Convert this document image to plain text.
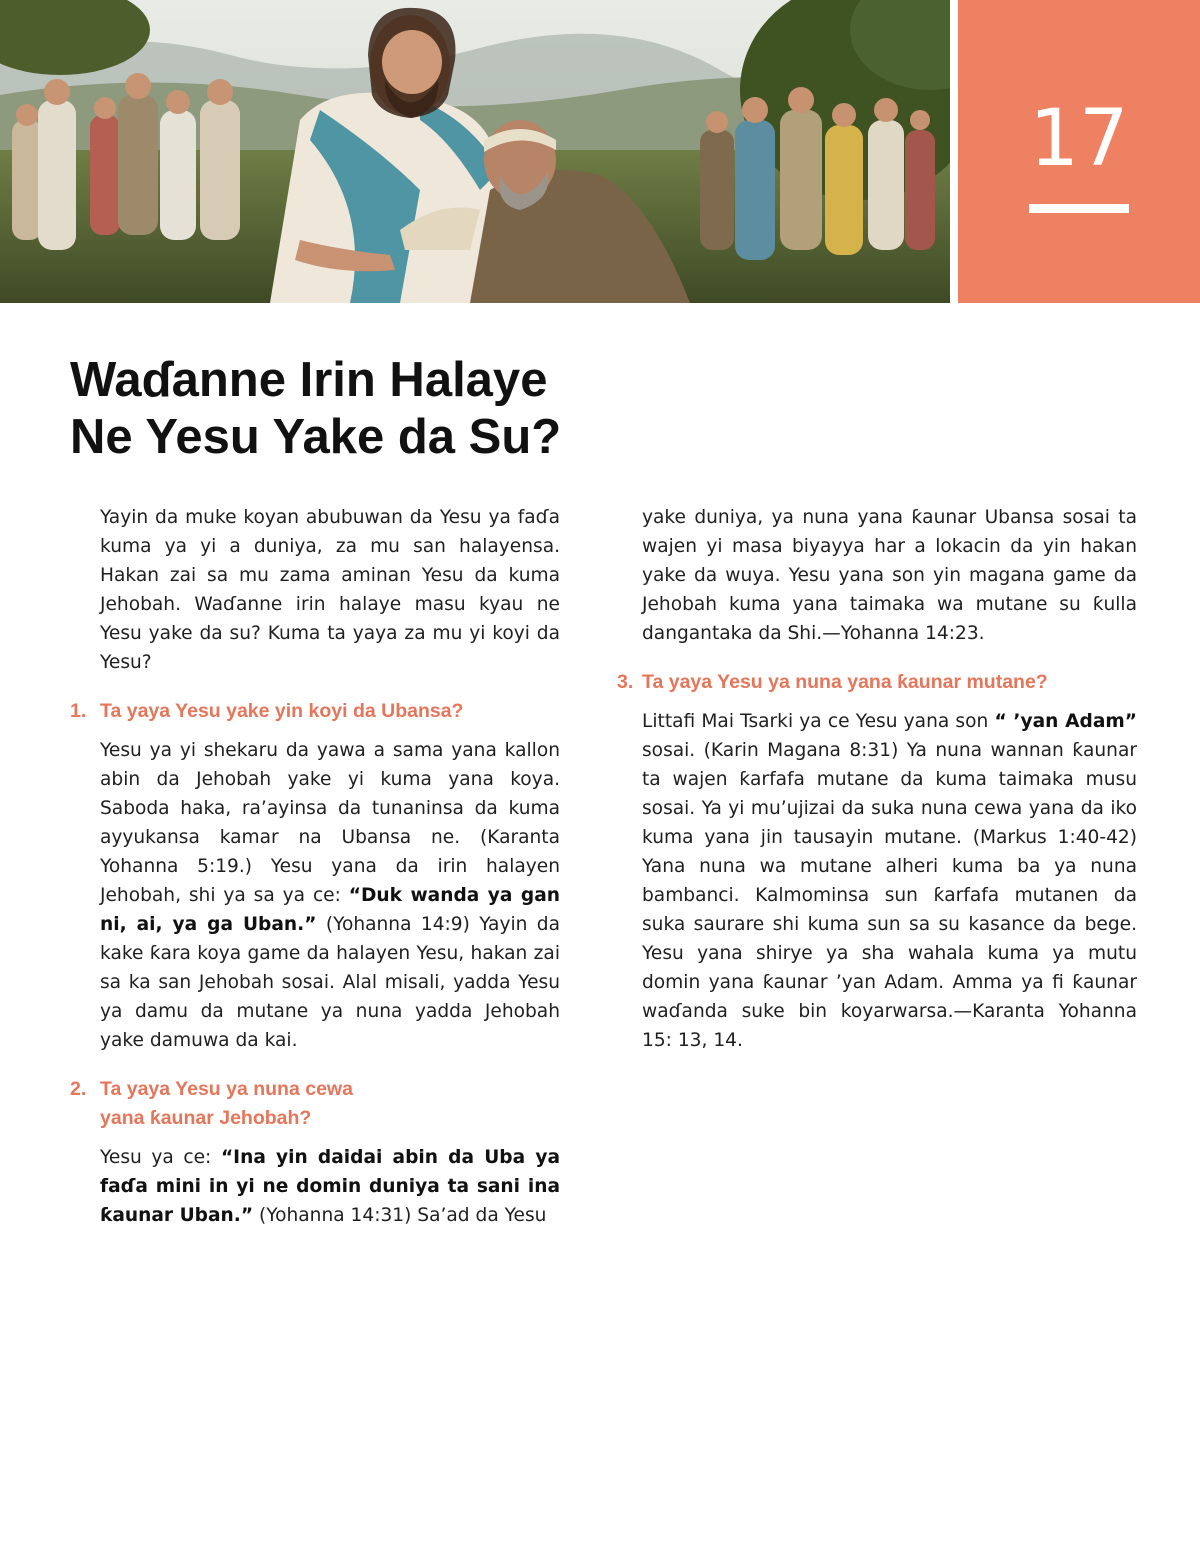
17
Waɗanne Irin Halaye
Ne Yesu Yake da Su?

Yayin da muke koyan abubuwan da Yesu ya faɗa kuma ya yi a duniya, za mu san halayensa. Hakan zai sa mu zama aminan Yesu da kuma Jehobah. Waɗanne irin halaye masu kyau ne Yesu yake da su? Kuma ta yaya za mu yi koyi da Yesu?

1. Ta yaya Yesu yake yin koyi da Ubansa?

Yesu ya yi shekaru da yawa a sama yana kallon abin da Jehobah yake yi kuma yana koya. Saboda haka, ra’ayinsa da tunaninsa da kuma ayyukansa kamar na Ubansa ne. (Karanta Yohanna 5:19.) Yesu yana da irin halayen Jehobah, shi ya sa ya ce: “Duk wanda ya gan ni, ai, ya ga Uban.” (Yohanna 14:9) Yayin da kake ƙara koya game da halayen Yesu, hakan zai sa ka san Jehobah sosai. Alal misali, yadda Yesu ya damu da mutane ya nuna yadda Jehobah yake damuwa da kai.

2. Ta yaya Yesu ya nuna cewa
yana ƙaunar Jehobah?

Yesu ya ce: “Ina yin daidai abin da Uba ya faɗa mini in yi ne domin duniya ta sani ina ƙaunar Uban.” (Yohanna 14:31) Sa’ad da Yesu

yake duniya, ya nuna yana ƙaunar Ubansa sosai ta wajen yi masa biyayya har a lokacin da yin hakan yake da wuya. Yesu yana son yin magana game da Jehobah kuma yana taimaka wa mutane su ƙulla dangantaka da Shi.—Yohanna 14:23.

3. Ta yaya Yesu ya nuna yana ƙaunar mutane?

Littafi Mai Tsarki ya ce Yesu yana son “ ’yan Adam” sosai. (Karin Magana 8:31) Ya nuna wannan ƙaunar ta wajen ƙarfafa mutane da kuma taimaka musu sosai. Ya yi mu’ujizai da suka nuna cewa yana da iko kuma yana jin tausayin mutane. (Markus 1:40-42) Yana nuna wa mutane alheri kuma ba ya nuna bambanci. Kalmominsa sun ƙarfafa mutanen da suka saurare shi kuma sun sa su kasance da bege. Yesu yana shirye ya sha wahala kuma ya mutu domin yana ƙaunar ’yan Adam. Amma ya fi ƙaunar waɗanda suke bin koyarwarsa.—Karanta Yohanna 15: 13, 14.
